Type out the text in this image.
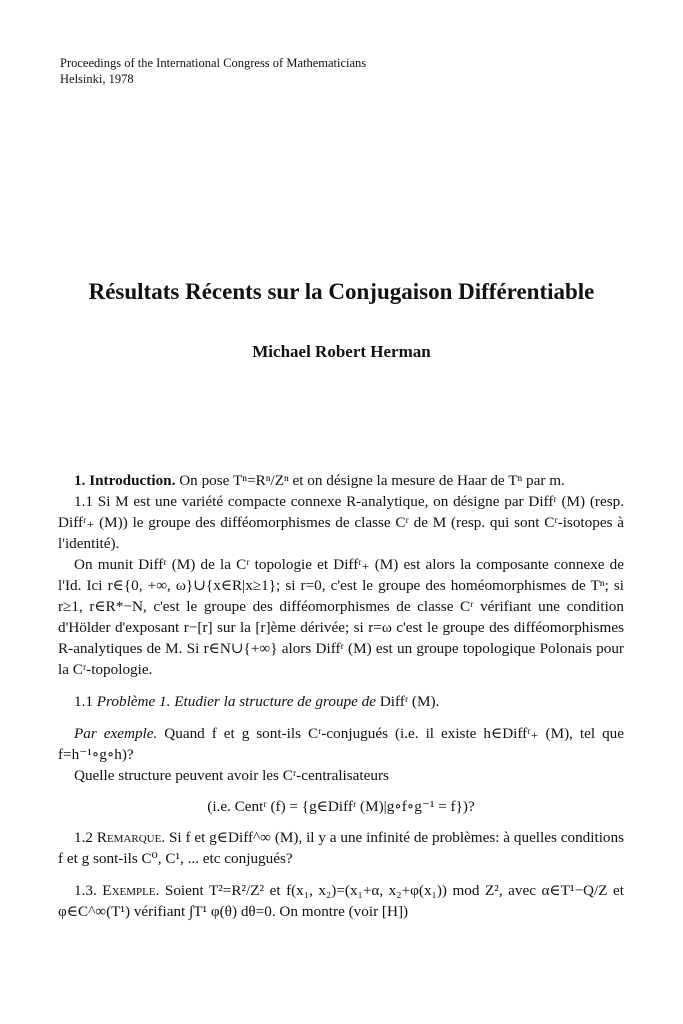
Proceedings of the International Congress of Mathematicians
Helsinki, 1978
Résultats Récents sur la Conjugaison Différentiable
Michael Robert Herman

1. Introduction. On pose Tⁿ=Rⁿ/Zⁿ et on désigne la mesure de Haar de Tⁿ par m.

1.1 Si M est une variété compacte connexe R-analytique, on désigne par Diffʳ (M) (resp. Diffʳ₊ (M)) le groupe des difféomorphismes de classe Cʳ de M (resp. qui sont Cʳ-isotopes à l'identité).

On munit Diffʳ (M) de la Cʳ topologie et Diffʳ₊ (M) est alors la composante connexe de l'Id. Ici r∈{0, +∞, ω}∪{x∈R|x≥1}; si r=0, c'est le groupe des homéomorphismes de Tⁿ; si r≥1, r∈R*−N, c'est le groupe des difféomorphismes de classe Cʳ vérifiant une condition d'Hölder d'exposant r−[r] sur la [r]ème dérivée; si r=ω c'est le groupe des difféomorphismes R-analytiques de M. Si r∈N∪{+∞} alors Diffʳ (M) est un groupe topologique Polonais pour la Cʳ-topologie.

1.1 Problème 1. Etudier la structure de groupe de Diffʳ (M).

Par exemple. Quand f et g sont-ils Cʳ-conjugués (i.e. il existe h∈Diffʳ₊ (M), tel que f=h⁻¹∘g∘h)?

Quelle structure peuvent avoir les Cʳ-centralisateurs

(i.e. Centʳ (f) = {g∈Diffʳ (M)|g∘f∘g⁻¹ = f})?

1.2 Remarque. Si f et g∈Diff^∞ (M), il y a une infinité de problèmes: à quelles conditions f et g sont-ils C⁰, C¹, ... etc conjugués?

1.3. Exemple. Soient T²=R²/Z² et f(x₁, x₂)=(x₁+α, x₂+φ(x₁)) mod Z², avec α∈T¹−Q/Z et φ∈C^∞(T¹) vérifiant ∫T¹ φ(θ) dθ=0. On montre (voir [H])
